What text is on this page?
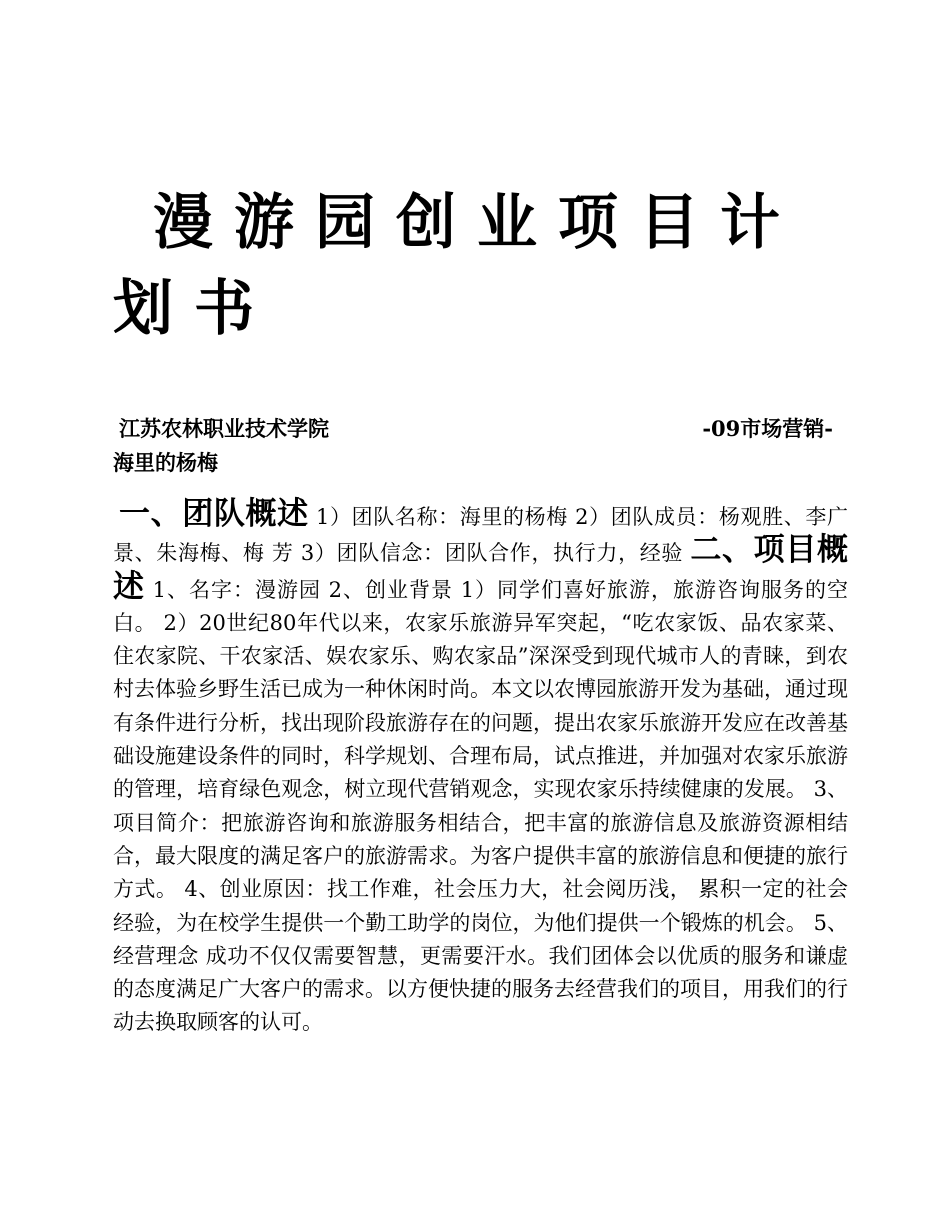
漫游园创业项目计划书
江苏农林职业技术学院	-09市场营销-
海里的杨梅

一、团队概述 1）团队名称：海里的杨梅 2）团队成员：杨观胜、李广景、朱海梅、梅 芳 3）团队信念：团队合作，执行力，经验 二、项目概述 1、名字：漫游园 2、创业背景 1）同学们喜好旅游，旅游咨询服务的空白。 2）20世纪80年代以来，农家乐旅游异军突起，“吃农家饭、品农家菜、住农家院、干农家活、娱农家乐、购农家品”深深受到现代城市人的青睐，到农村去体验乡野生活已成为一种休闲时尚。本文以农博园旅游开发为基础，通过现有条件进行分析，找出现阶段旅游存在的问题，提出农家乐旅游开发应在改善基础设施建设条件的同时，科学规划、合理布局，试点推进，并加强对农家乐旅游的管理，培育绿色观念，树立现代营销观念，实现农家乐持续健康的发展。 3、项目简介：把旅游咨询和旅游服务相结合，把丰富的旅游信息及旅游资源相结合，最大限度的满足客户的旅游需求。为客户提供丰富的旅游信息和便捷的旅行方式。 4、创业原因：找工作难，社会压力大，社会阅历浅， 累积一定的社会经验，为在校学生提供一个勤工助学的岗位，为他们提供一个锻炼的机会。 5、经营理念 成功不仅仅需要智慧，更需要汗水。我们团体会以优质的服务和谦虚的态度满足广大客户的需求。以方便快捷的服务去经营我们的项目，用我们的行动去换取顾客的认可。
